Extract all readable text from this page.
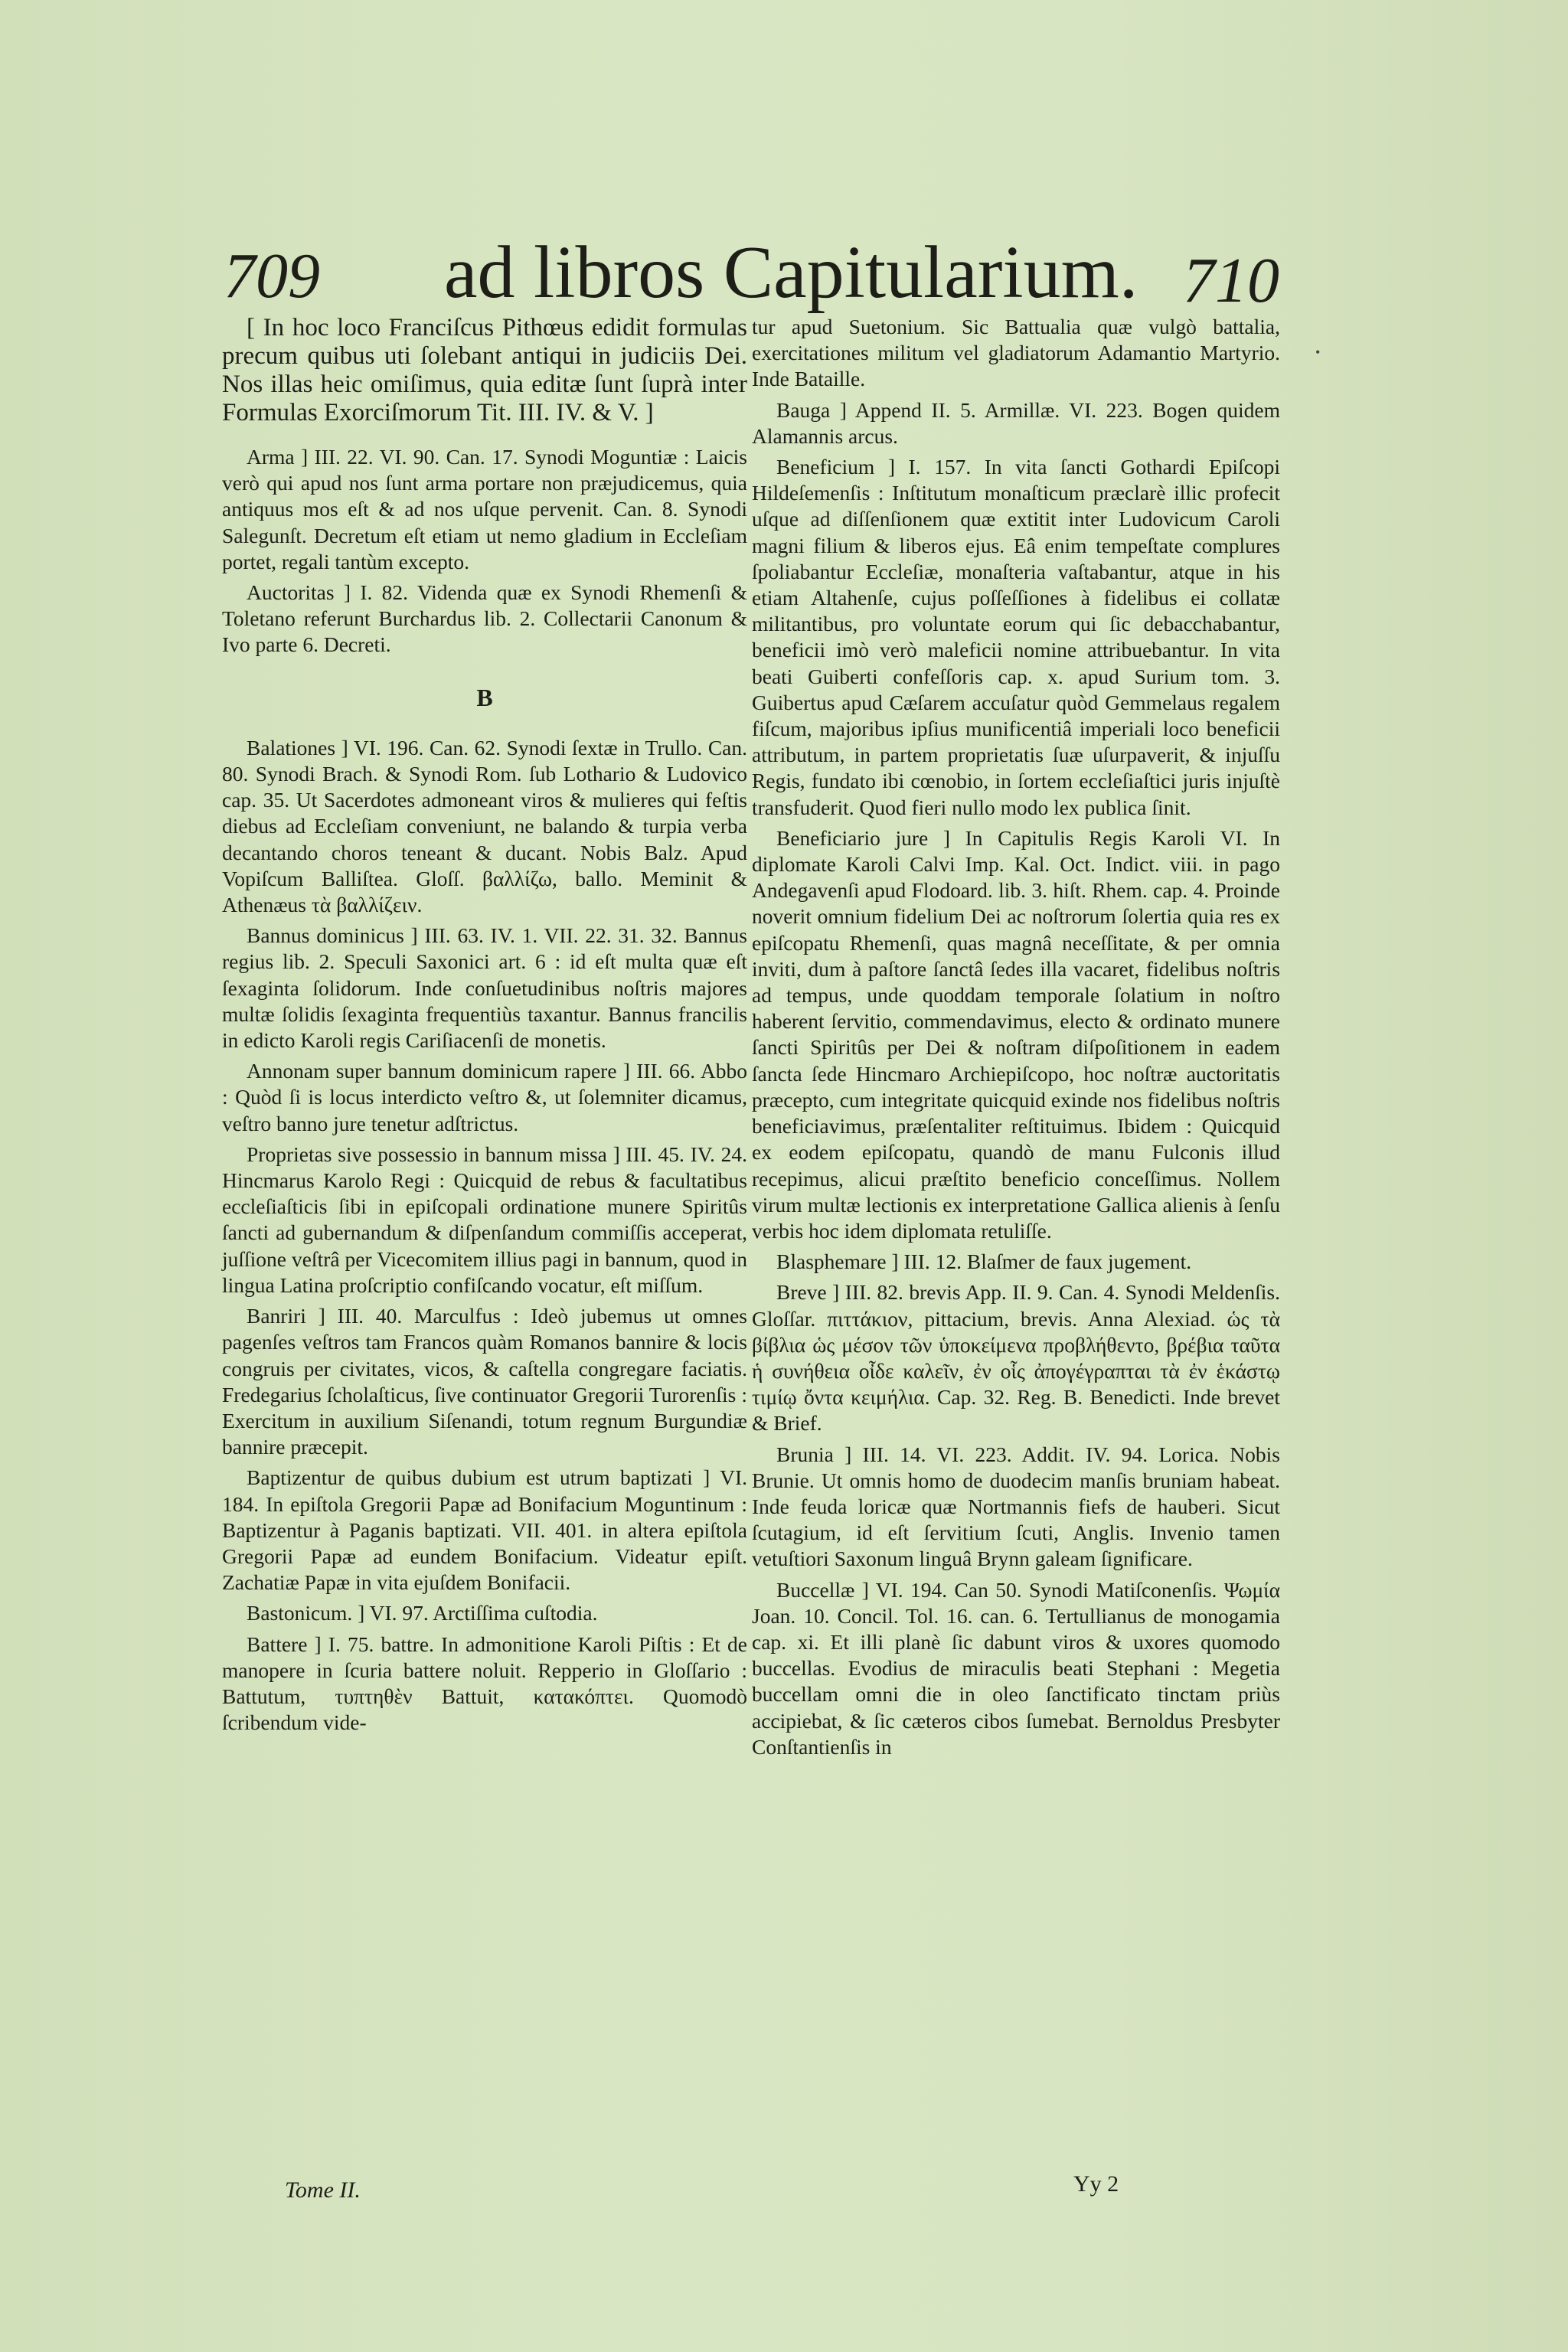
709 ad libros Capitularium. 710
•

[ In hoc loco Franciſcus Pithœus edidit formulas precum quibus uti ſolebant antiqui in judiciis Dei. Nos illas heic omiſimus, quia editæ ſunt ſuprà inter Formulas Exorciſmorum Tit. III. IV. & V. ]

Arma ] III. 22. VI. 90. Can. 17. Synodi Moguntiæ : Laicis verò qui apud nos ſunt arma portare non præjudicemus, quia antiquus mos eſt & ad nos uſque pervenit. Can. 8. Synodi Salegunſt. Decretum eſt etiam ut nemo gladium in Eccleſiam portet, regali tantùm excepto.

Auctoritas ] I. 82. Videnda quæ ex Synodi Rhemenſi & Toletano referunt Burchardus lib. 2. Collectarii Canonum & Ivo parte 6. Decreti.

B

Balationes ] VI. 196. Can. 62. Synodi ſextæ in Trullo. Can. 80. Synodi Brach. & Synodi Rom. ſub Lothario & Ludovico cap. 35. Ut Sacerdotes admoneant viros & mulieres qui feſtis diebus ad Eccleſiam conveniunt, ne balando & turpia verba decantando choros teneant & ducant. Nobis Balz. Apud Vopiſcum Balliſtea. Gloſſ. βαλλίζω, ballo. Meminit & Athenæus τὰ βαλλίζειν.

Bannus dominicus ] III. 63. IV. 1. VII. 22. 31. 32. Bannus regius lib. 2. Speculi Saxonici art. 6 : id eſt multa quæ eſt ſexaginta ſolidorum. Inde conſuetudinibus noſtris majores multæ ſolidis ſexaginta frequentiùs taxantur. Bannus francilis in edicto Karoli regis Cariſiacenſi de monetis.

Annonam super bannum dominicum rapere ] III. 66. Abbo : Quòd ſi is locus interdicto veſtro &, ut ſolemniter dicamus, veſtro banno jure tenetur adſtrictus.

Proprietas sive possessio in bannum missa ] III. 45. IV. 24. Hincmarus Karolo Regi : Quicquid de rebus & facultatibus eccleſiaſticis ſibi in epiſcopali ordinatione munere Spiritûs ſancti ad gubernandum & diſpenſandum commiſſis acceperat, juſſione veſtrâ per Vicecomitem illius pagi in bannum, quod in lingua Latina proſcriptio confiſcando vocatur, eſt miſſum.

Banriri ] III. 40. Marculfus : Ideò jubemus ut omnes pagenſes veſtros tam Francos quàm Romanos bannire & locis congruis per civitates, vicos, & caſtella congregare faciatis. Fredegarius ſcholaſticus, ſive continuator Gregorii Turorenſis : Exercitum in auxilium Siſenandi, totum regnum Burgundiæ bannire præcepit.

Baptizentur de quibus dubium est utrum baptizati ] VI. 184. In epiſtola Gregorii Papæ ad Bonifacium Moguntinum : Baptizentur à Paganis baptizati. VII. 401. in altera epiſtola Gregorii Papæ ad eundem Bonifacium. Videatur epiſt. Zachatiæ Papæ in vita ejuſdem Bonifacii.

Bastonicum. ] VI. 97. Arctiſſima cuſtodia.

Battere ] I. 75. battre. In admonitione Karoli Piſtis : Et de manopere in ſcuria battere noluit. Repperio in Gloſſario : Battutum, τυπτηθὲν Battuit, κατακόπτει. Quomodò ſcribendum vide-

Tome II.

tur apud Suetonium. Sic Battualia quæ vulgò battalia, exercitationes militum vel gladiatorum Adamantio Martyrio. Inde Bataille.

Bauga ] Append II. 5. Armillæ. VI. 223. Bogen quidem Alamannis arcus.

Beneficium ] I. 157. In vita ſancti Gothardi Epiſcopi Hildeſemenſis : Inſtitutum monaſticum præclarè illic profecit uſque ad diſſenſionem quæ extitit inter Ludovicum Caroli magni filium & liberos ejus. Eâ enim tempeſtate complures ſpoliabantur Eccleſiæ, monaſteria vaſtabantur, atque in his etiam Altahenſe, cujus poſſeſſiones à fidelibus ei collatæ militantibus, pro voluntate eorum qui ſic debacchabantur, beneficii imò verò maleficii nomine attribuebantur. In vita beati Guiberti confeſſoris cap. x. apud Surium tom. 3. Guibertus apud Cæſarem accuſatur quòd Gemmelaus regalem fiſcum, majoribus ipſius munificentiâ imperiali loco beneficii attributum, in partem proprietatis ſuæ uſurpaverit, & injuſſu Regis, fundato ibi cœnobio, in ſortem eccleſiaſtici juris injuſtè transfuderit. Quod fieri nullo modo lex publica ſinit.

Beneficiario jure ] In Capitulis Regis Karoli VI. In diplomate Karoli Calvi Imp. Kal. Oct. Indict. viii. in pago Andegavenſi apud Flodoard. lib. 3. hiſt. Rhem. cap. 4. Proinde noverit omnium fidelium Dei ac noſtrorum ſolertia quia res ex epiſcopatu Rhemenſi, quas magnâ neceſſitate, & per omnia inviti, dum à paſtore ſanctâ ſedes illa vacaret, fidelibus noſtris ad tempus, unde quoddam temporale ſolatium in noſtro haberent ſervitio, commendavimus, electo & ordinato munere ſancti Spiritûs per Dei & noſtram diſpoſitionem in eadem ſancta ſede Hincmaro Archiepiſcopo, hoc noſtræ auctoritatis præcepto, cum integritate quicquid exinde nos fidelibus noſtris beneficiavimus, præſentaliter reſtituimus. Ibidem : Quicquid ex eodem epiſcopatu, quandò de manu Fulconis illud recepimus, alicui præſtito beneficio conceſſimus. Nollem virum multæ lectionis ex interpretatione Gallica alienis à ſenſu verbis hoc idem diplomata retuliſſe.

Blasphemare ] III. 12. Blaſmer de faux jugement.

Breve ] III. 82. brevis App. II. 9. Can. 4. Synodi Meldenſis. Gloſſar. πιττάκιον, pittacium, brevis. Anna Alexiad. ὡς τὰ βίβλια ὡς μέσον τῶν ὑποκείμενα προβλήθεντο, βρέβια ταῦτα ἡ συνήθεια οἶδε καλεῖν, ἐν οἷς ἀπογέγραπται τὰ ἐν ἑκάστῳ τιμίῳ ὄντα κειμήλια. Cap. 32. Reg. B. Benedicti. Inde brevet & Brief.

Brunia ] III. 14. VI. 223. Addit. IV. 94. Lorica. Nobis Brunie. Ut omnis homo de duodecim manſis bruniam habeat. Inde feuda loricæ quæ Nortmannis fiefs de hauberi. Sicut ſcutagium, id eſt ſervitium ſcuti, Anglis. Invenio tamen vetuſtiori Saxonum linguâ Brynn galeam ſignificare.

Buccellæ ] VI. 194. Can 50. Synodi Matiſconenſis. Ψωμία Joan. 10. Concil. Tol. 16. can. 6. Tertullianus de monogamia cap. xi. Et illi planè ſic dabunt viros & uxores quomodo buccellas. Evodius de miraculis beati Stephani : Megetia buccellam omni die in oleo ſanctificato tinctam priùs accipiebat, & ſic cæteros cibos ſumebat. Bernoldus Presbyter Conſtantienſis in

Yy 2
